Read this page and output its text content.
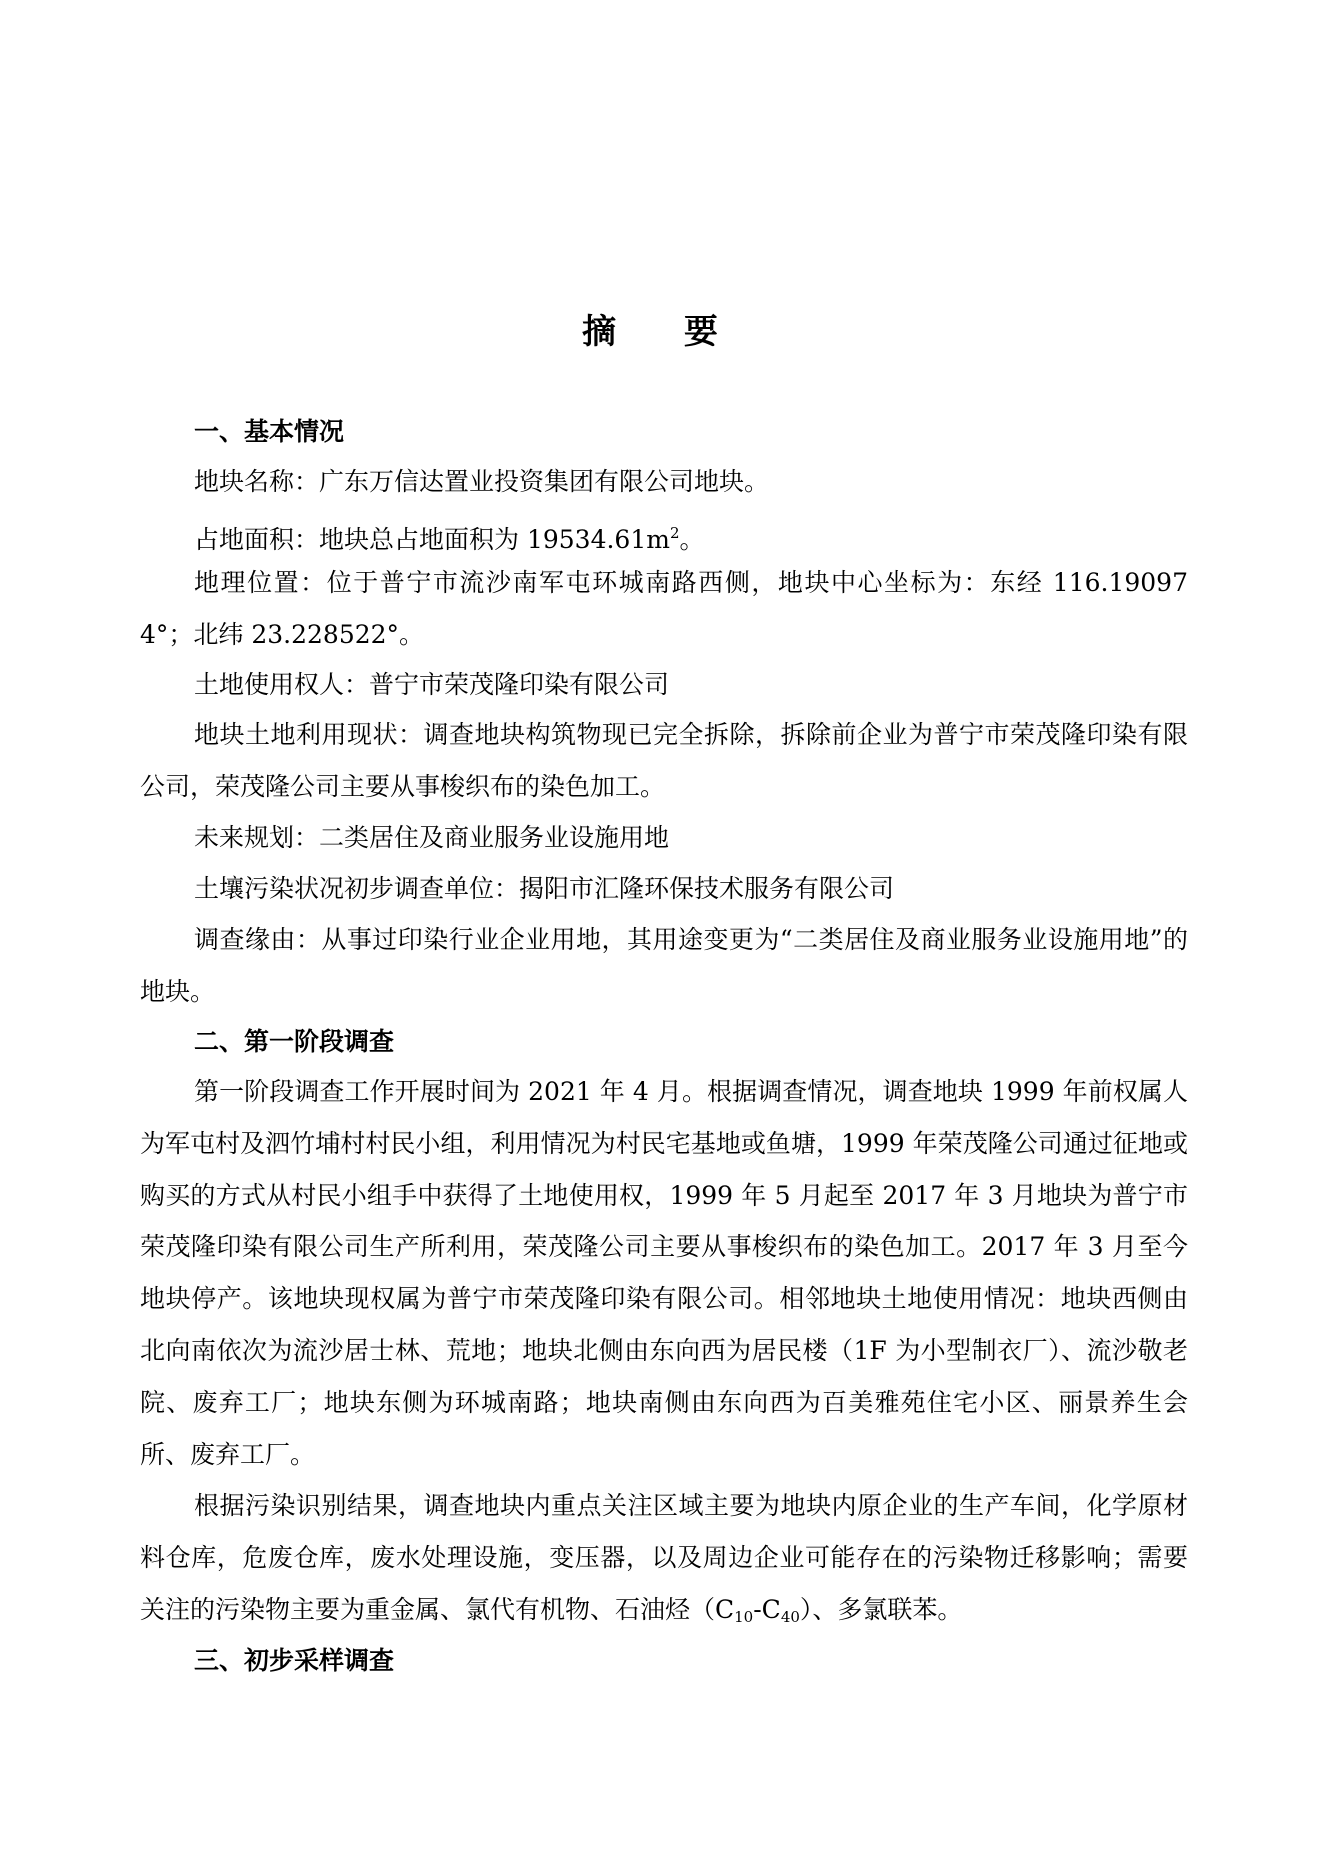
摘 要
一、基本情况
地块名称：广东万信达置业投资集团有限公司地块。
占地面积：地块总占地面积为 $19534.61m^2$。
地理位置：位于普宁市流沙南军屯环城南路西侧，地块中心坐标为：东经 116.190974°；北纬 23.228522°。
土地使用权人：普宁市荣茂隆印染有限公司
地块土地利用现状：调查地块构筑物现已完全拆除，拆除前企业为普宁市荣茂隆印染有限公司，荣茂隆公司主要从事梭织布的染色加工。
未来规划：二类居住及商业服务业设施用地
土壤污染状况初步调查单位：揭阳市汇隆环保技术服务有限公司
调查缘由：从事过印染行业企业用地，其用途变更为“二类居住及商业服务业设施用地”的地块。
二、第一阶段调查
第一阶段调查工作开展时间为 2021 年 4 月。根据调查情况，调查地块 1999 年前权属人为军屯村及泗竹埔村村民小组，利用情况为村民宅基地或鱼塘，1999 年荣茂隆公司通过征地或购买的方式从村民小组手中获得了土地使用权，1999 年 5 月起至 2017 年 3 月地块为普宁市荣茂隆印染有限公司生产所利用，荣茂隆公司主要从事梭织布的染色加工。2017 年 3 月至今地块停产。该地块现权属为普宁市荣茂隆印染有限公司。相邻地块土地使用情况：地块西侧由北向南依次为流沙居士林、荒地；地块北侧由东向西为居民楼（1F 为小型制衣厂）、流沙敬老院、废弃工厂；地块东侧为环城南路；地块南侧由东向西为百美雅苑住宅小区、丽景养生会所、废弃工厂。
根据污染识别结果，调查地块内重点关注区域主要为地块内原企业的生产车间，化学原材料仓库，危废仓库，废水处理设施，变压器，以及周边企业可能存在的污染物迁移影响；需要关注的污染物主要为重金属、氯代有机物、石油烃$(C_{10}-C_{40})$、多氯联苯。
三、初步采样调查
